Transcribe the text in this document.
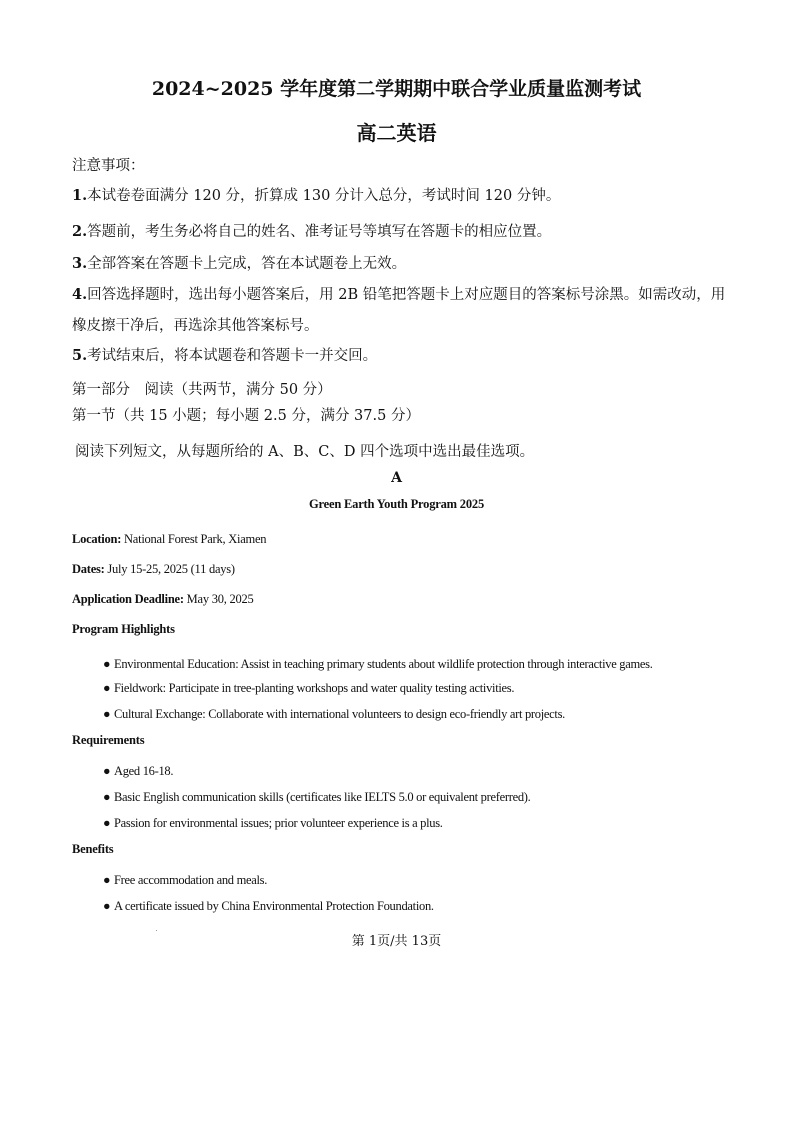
2024~2025 学年度第二学期期中联合学业质量监测考试
高二英语
注意事项：
1.本试卷卷面满分 120 分，折算成 130 分计入总分，考试时间 120 分钟。
2.答题前，考生务必将自己的姓名、准考证号等填写在答题卡的相应位置。
3.全部答案在答题卡上完成，答在本试题卷上无效。
4.回答选择题时，选出每小题答案后，用 2B 铅笔把答题卡上对应题目的答案标号涂黑。如需改动，用橡皮擦干净后，再选涂其他答案标号。
5.考试结束后，将本试题卷和答题卡一并交回。
第一部分　阅读（共两节，满分 50 分）
第一节（共 15 小题；每小题 2.5 分，满分 37.5 分）
阅读下列短文，从每题所给的 A、B、C、D 四个选项中选出最佳选项。
A
Green Earth Youth Program 2025
Location: National Forest Park, Xiamen
Dates: July 15-25, 2025 (11 days)
Application Deadline: May 30, 2025
Program Highlights
● Environmental Education: Assist in teaching primary students about wildlife protection through interactive games.
● Fieldwork: Participate in tree-planting workshops and water quality testing activities.
● Cultural Exchange: Collaborate with international volunteers to design eco-friendly art projects.
Requirements
● Aged 16-18.
● Basic English communication skills (certificates like IELTS 5.0 or equivalent preferred).
● Passion for environmental issues; prior volunteer experience is a plus.
Benefits
● Free accommodation and meals.
● A certificate issued by China Environmental Protection Foundation.
第 1页/共 13页
